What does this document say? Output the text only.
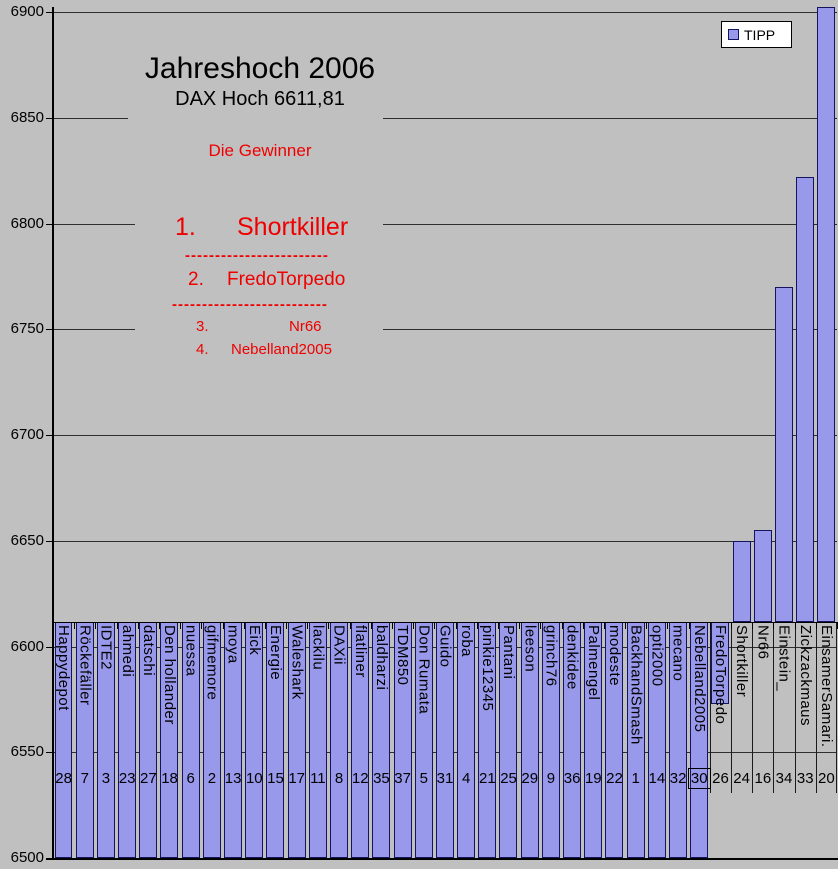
Jahreshoch 2006
DAX Hoch 6611,81
Die Gewinner
1. Shortkiller
------------------------
2. FredoTorpedo
--------------------------
3.	Nr66
4. Nebelland2005
TIPP
6900
6850
6800
6750
6700
6650
6600
6550
6500
Happydepot
28
Röckefäller
7
IDTE2
3
ahmedi
23
datschi
27
Den hollander
18
nuessa
6
gifmemore
2
moya
13
Eick
10
Energie
15
Waleshark
17
lackilu
11
DAXii
8
flatliner
12
baldharzi
35
TDM850
37
Don Rumata
5
Guido
31
roba
4
pinkie12345
21
Pantani
25
leeson
29
grinch76
9
denkidee
36
Palmengel
19
modeste
22
BackhandSmash
1
opti2000
14
mecano
32
Nebelland2005
30
FredoTorpedo
26
Shortkiller
24
Nr66
16
Einstein_
34
Zickzackmaus
33
EinsamerSamari.
20
